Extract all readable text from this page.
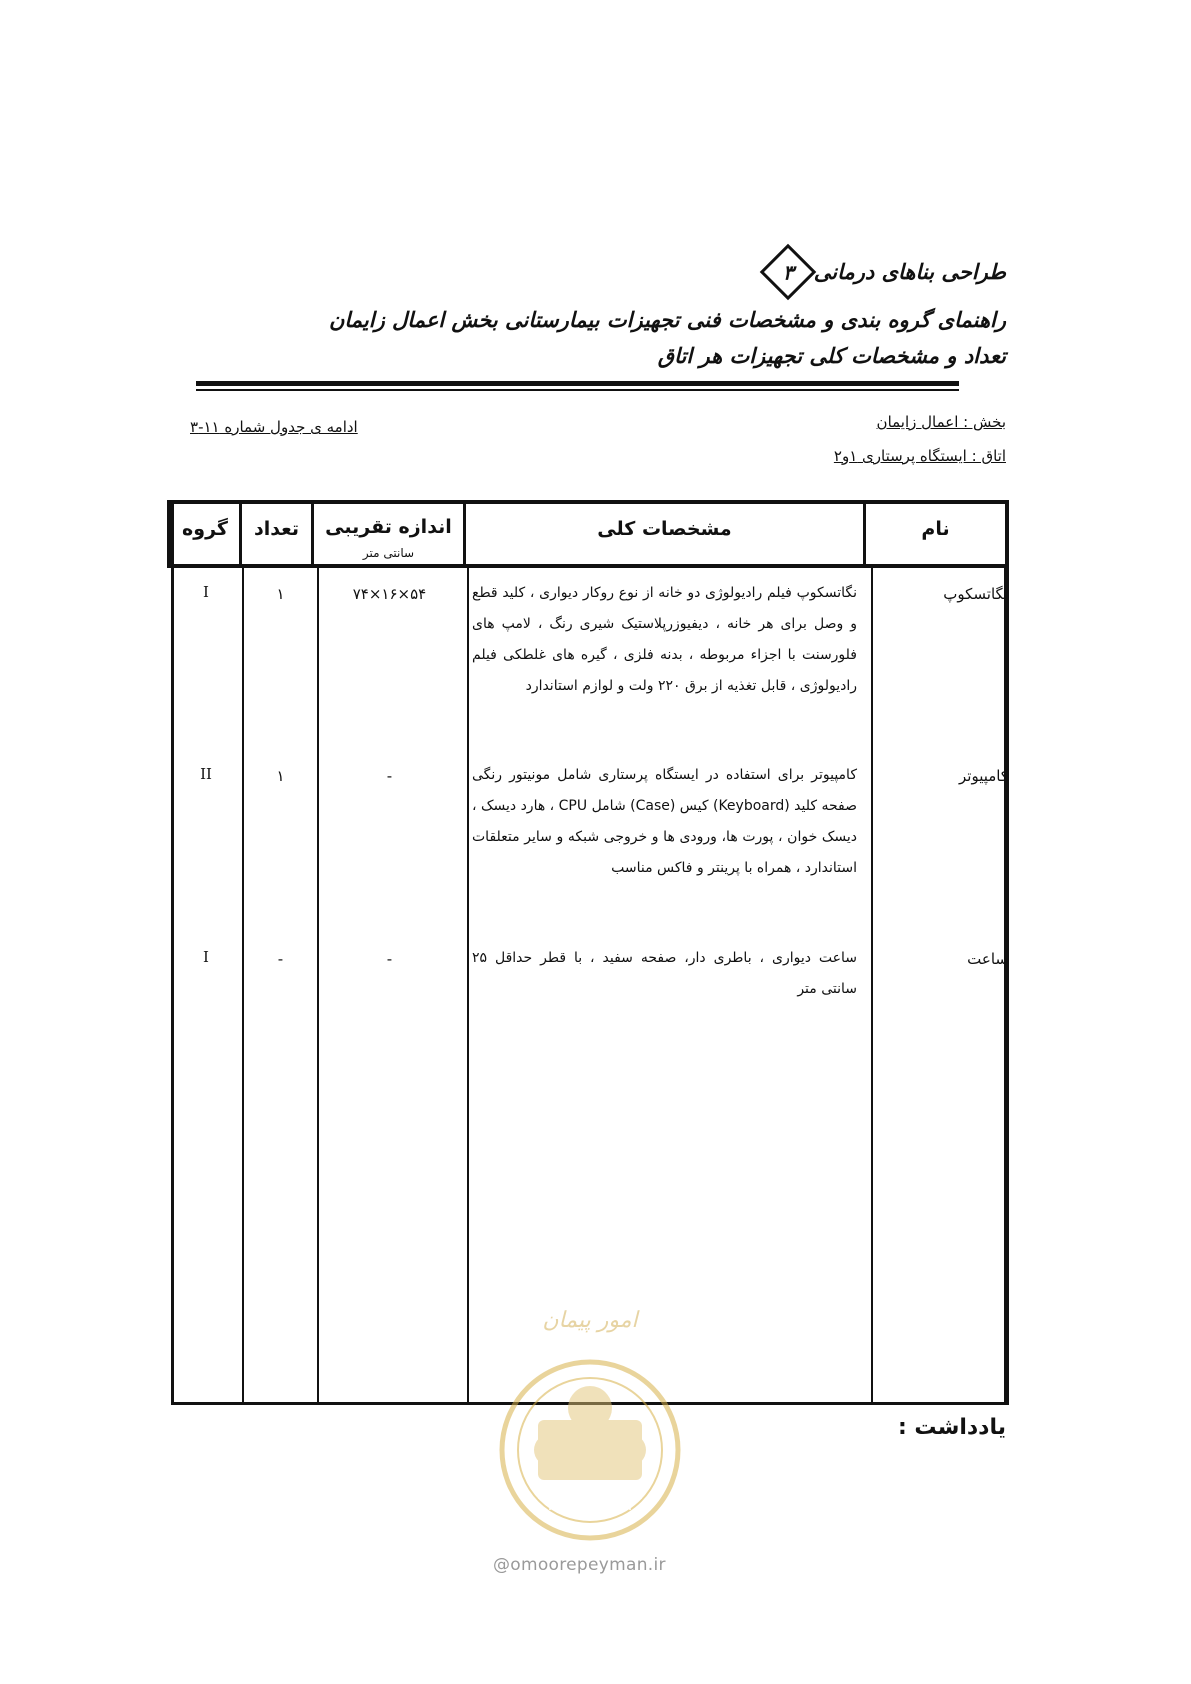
طراحی بناهای درمانی
۳
راهنمای گروه بندی و مشخصات فنی تجهیزات بیمارستانی بخش اعمال زایمان
تعداد و مشخصات کلی تجهیزات هر اتاق
بخش : اعمال زایمان
اتاق : ایستگاه پرستاری ۱و۲
ادامه ی جدول شماره ۱۱-۳
نام
مشخصات کلی
اندازه تقریبی
سانتی متر
تعداد
گروه
نگاتسکوپ
نگاتسکوپ فیلم رادیولوژی دو خانه از نوع روکار دیواری ، کلید قطع و وصل برای هر خانه ، دیفیوزرپلاستیک شیری رنگ ، لامپ های فلورسنت با اجزاء مربوطه ، بدنه فلزی ، گیره های غلطکی فیلم رادیولوژی ، قابل تغذیه از برق ۲۲۰ ولت و لوازم استاندارد
۷۴×۱۶×۵۴
۱
I
کامپیوتر
کامپیوتر برای استفاده در ایستگاه پرستاری شامل مونیتور رنگی صفحه کلید (Keyboard) کیس (Case) شامل CPU ، هارد دیسک ، دیسک خوان ، پورت ها، ورودی ها و خروجی شبکه و سایر متعلقات استاندارد ، همراه با پرینتر و فاکس مناسب
-
۱
II
ساعت
ساعت دیواری ، باطری دار، صفحه سفید ، با قطر حداقل ۲۵ سانتی متر
-
-
I
یادداشت :
امور پیمان
@omoorepeyman.ir
